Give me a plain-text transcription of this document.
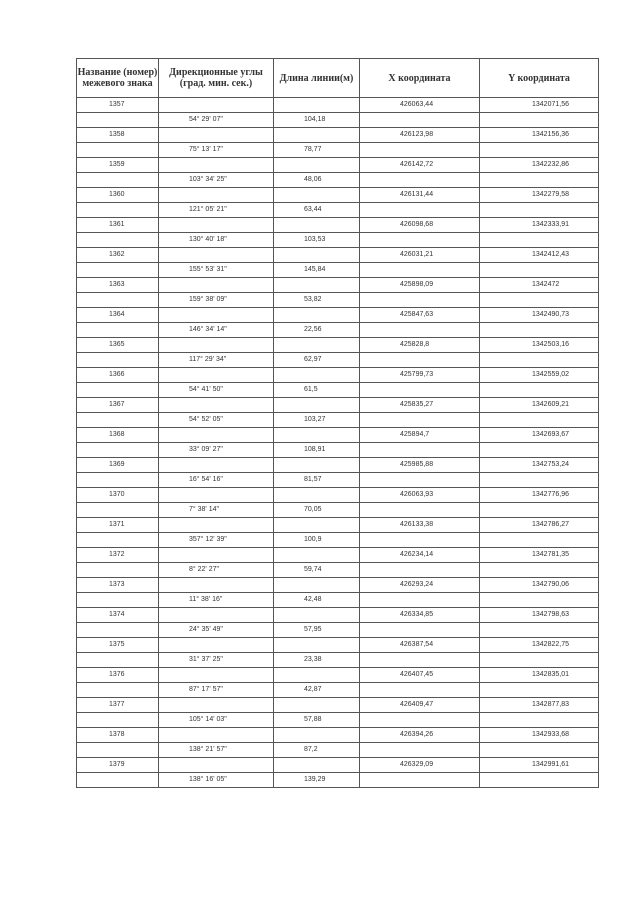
Название (номер) межевого знака	Дирекционные углы (град. мин. сек.)	Длина линии(м)	X координата	Y координата
1357			426063,44	1342071,56
	54° 29' 07"	104,18		
1358			426123,98	1342156,36
	75° 13' 17"	78,77		
1359			426142,72	1342232,86
	103° 34' 25"	48,06		
1360			426131,44	1342279,58
	121° 05' 21"	63,44		
1361			426098,68	1342333,91
	130° 40' 18"	103,53		
1362			426031,21	1342412,43
	155° 53' 31"	145,84		
1363			425898,09	1342472
	159° 38' 09"	53,82		
1364			425847,63	1342490,73
	146° 34' 14"	22,56		
1365			425828,8	1342503,16
	117° 29' 34"	62,97		
1366			425799,73	1342559,02
	54° 41' 50"	61,5		
1367			425835,27	1342609,21
	54° 52' 05"	103,27		
1368			425894,7	1342693,67
	33° 09' 27"	108,91		
1369			425985,88	1342753,24
	16° 54' 16"	81,57		
1370			426063,93	1342776,96
	7° 38' 14"	70,05		
1371			426133,38	1342786,27
	357° 12' 39"	100,9		
1372			426234,14	1342781,35
	8° 22' 27"	59,74		
1373			426293,24	1342790,06
	11° 38' 16"	42,48		
1374			426334,85	1342798,63
	24° 35' 49"	57,95		
1375			426387,54	1342822,75
	31° 37' 25"	23,38		
1376			426407,45	1342835,01
	87° 17' 57"	42,87		
1377			426409,47	1342877,83
	105° 14' 03"	57,88		
1378			426394,26	1342933,68
	138° 21' 57"	87,2		
1379			426329,09	1342991,61
	138° 16' 05"	139,29		
